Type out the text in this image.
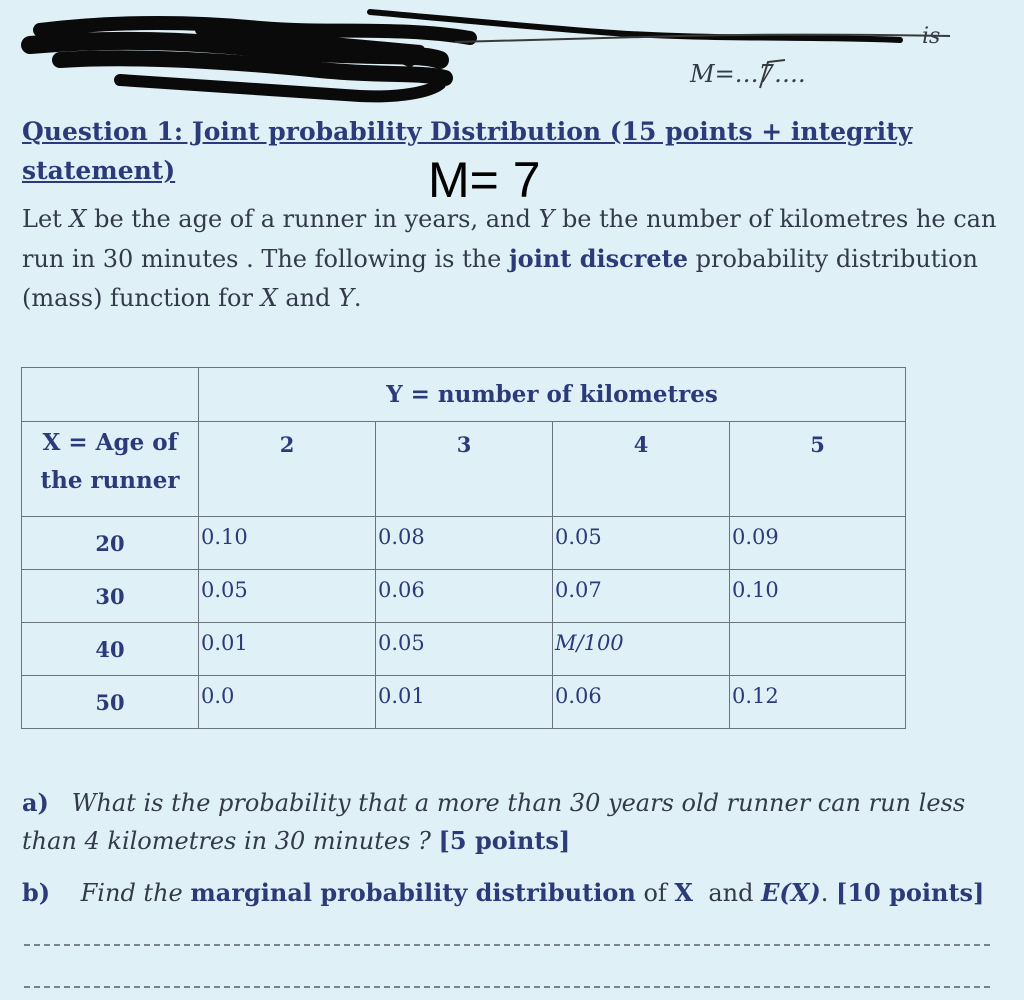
is
M=…7….
Question 1: Joint probability Distribution (15 points + integrity statement)	M= 7
Let X be the age of a runner in years, and Y be the number of kilometres he can run in 30 minutes . The following is the joint discrete probability distribution (mass) function for X and Y.
	Y = number of kilometres			

X = Age of
the runner	2	3	4	5
20	0.10	0.08	0.05	0.09
30	0.05	0.06	0.07	0.10
40	0.01	0.05	M/100	
50	0.0	0.01	0.06	0.12
a) What is the probability that a more than 30 years old runner can run less than 4 kilometres in 30 minutes ? [5 points]
b) Find the marginal probability distribution of X and E(X). [10 points]
